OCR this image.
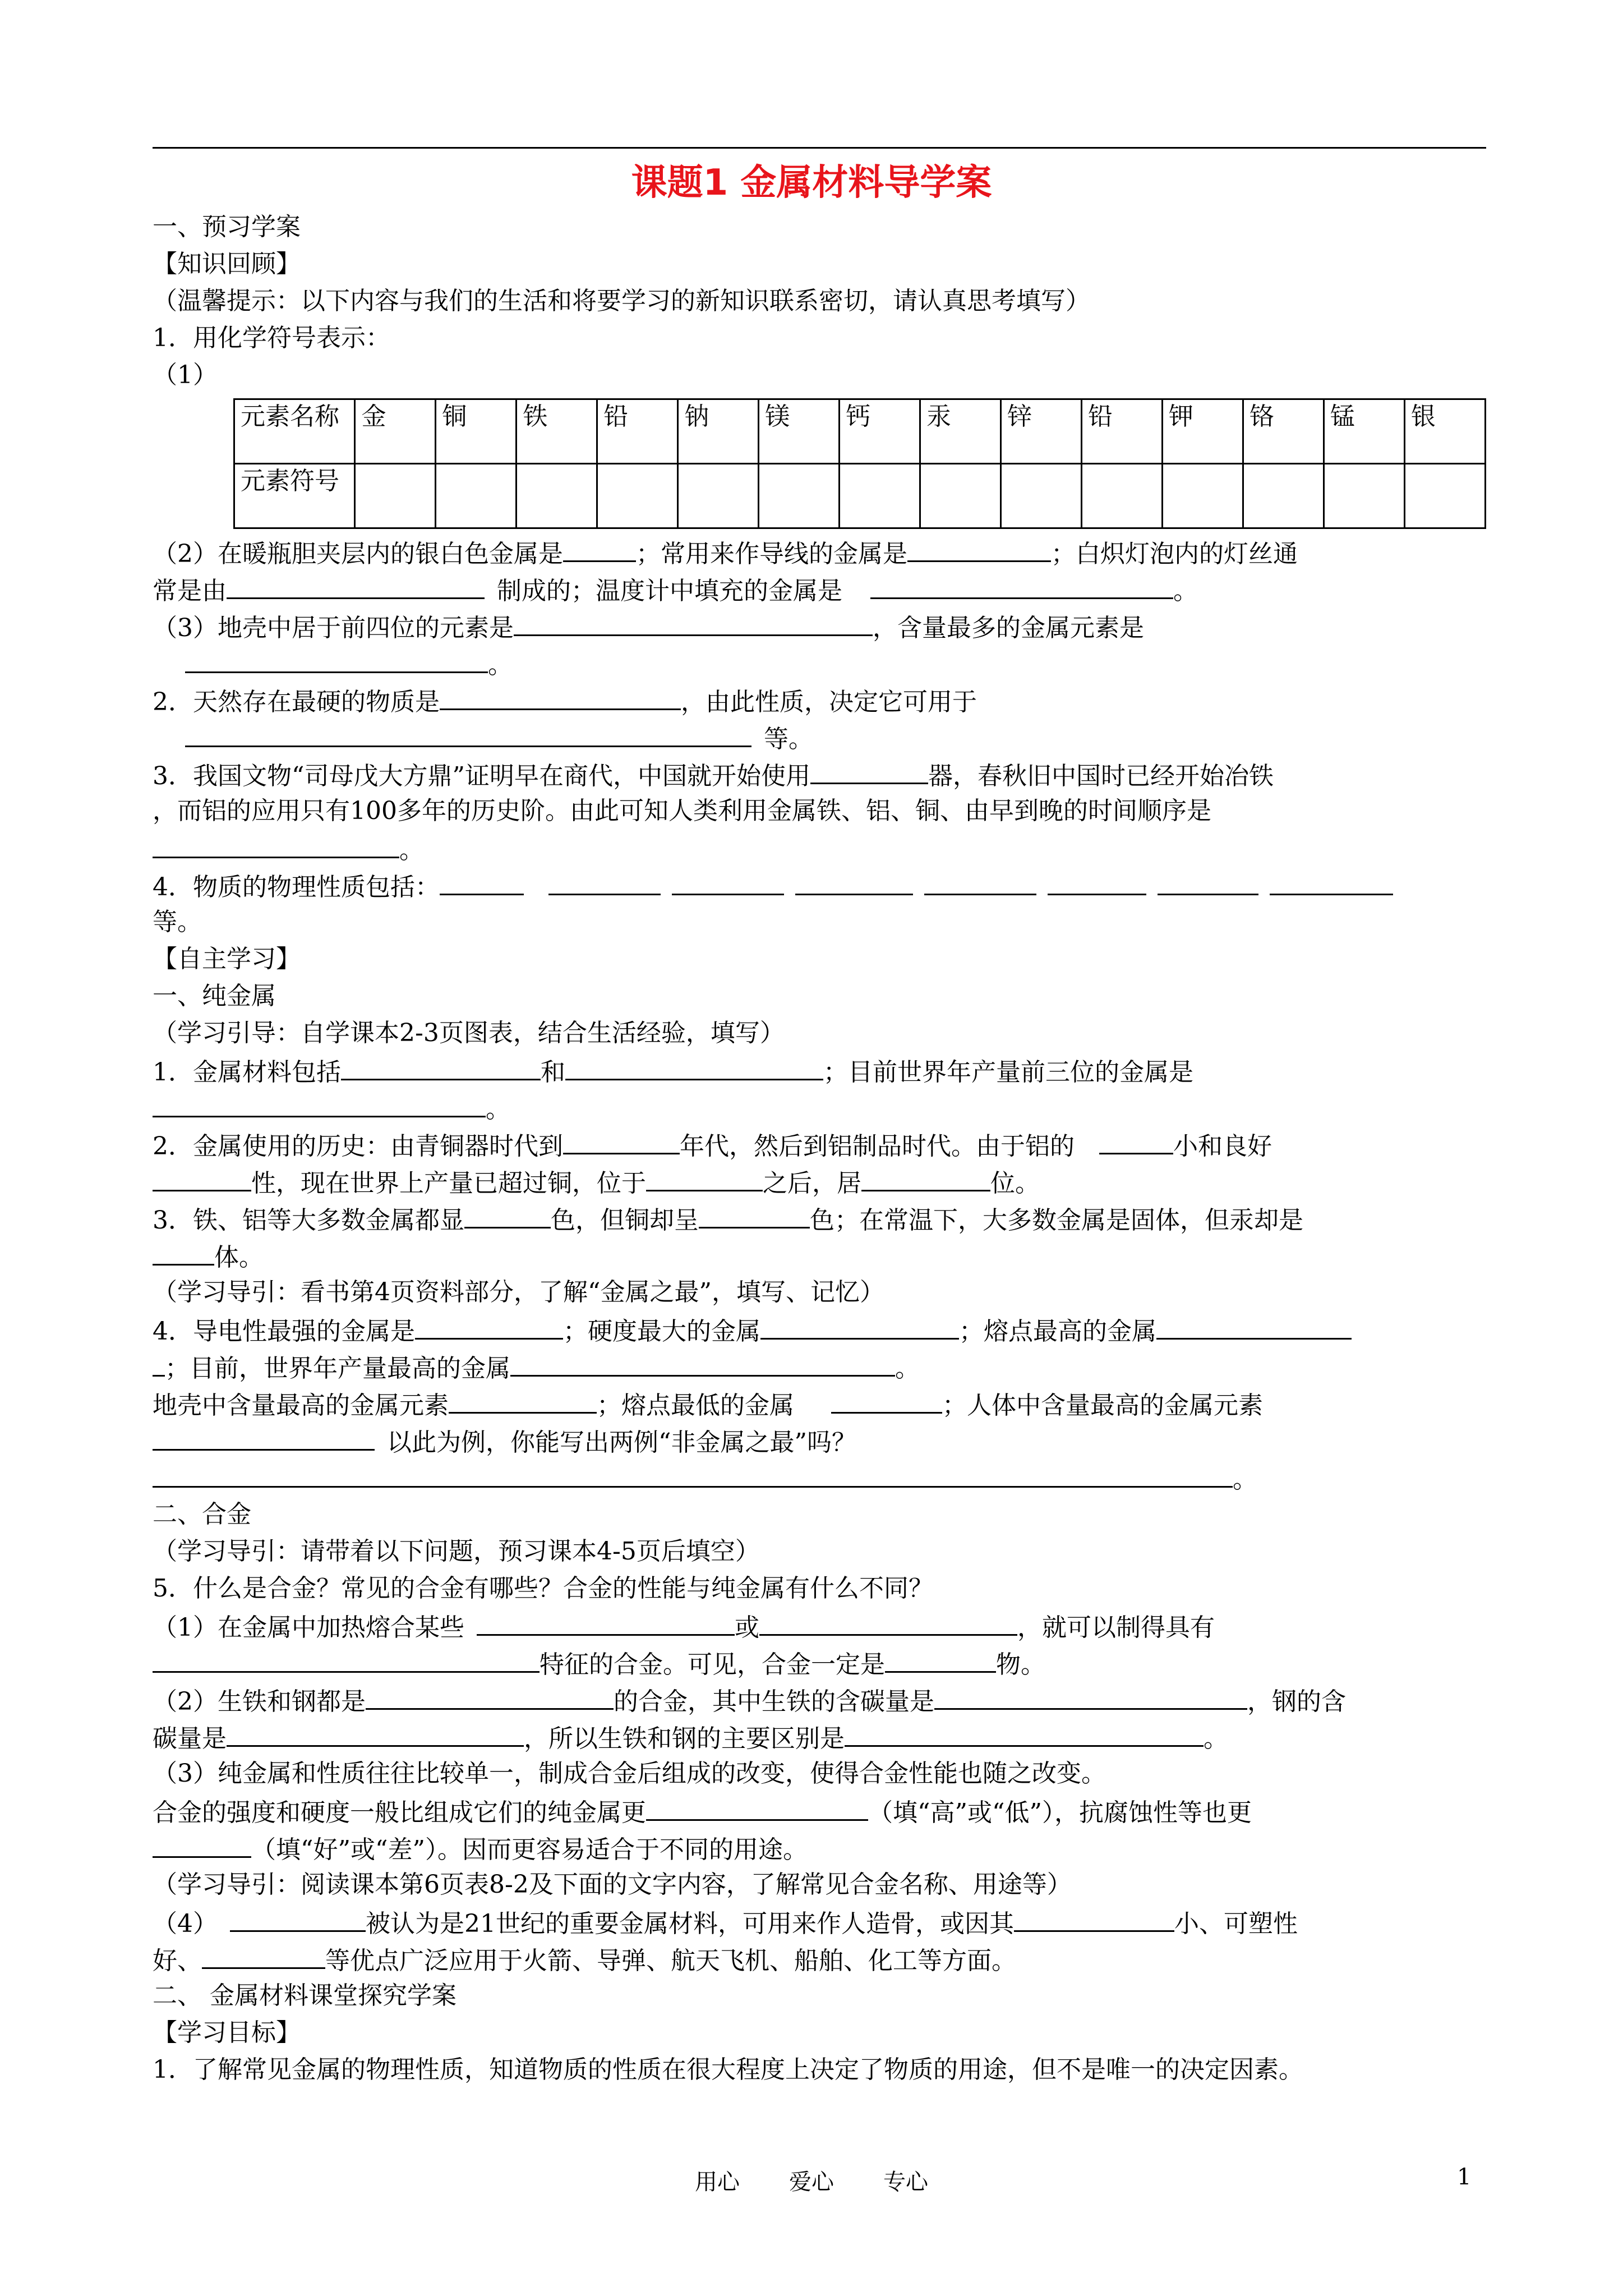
课题1 金属材料导学案
一、预习学案
【知识回顾】
（温馨提示：以下内容与我们的生活和将要学习的新知识联系密切，请认真思考填写）
1．用化学符号表示：
（1）
元素名称	金	铜	铁	铅	钠	镁	钙	汞	锌	铅	钾	铬	锰	银
元素符号														
（2）在暖瓶胆夹层内的银白色金属是	；常用来作导线的金属是	；白炽灯泡内的灯丝通
常是由	制成的；温度计中填充的金属是	。
（3）地壳中居于前四位的元素是	，含量最多的金属元素是
。
2．天然存在最硬的物质是	，由此性质，决定它可用于
等。
3．我国文物“司母戊大方鼎”证明早在商代，中国就开始使用	器，春秋旧中国时已经开始冶铁
，而铝的应用只有100多年的历史阶。由此可知人类利用金属铁、铝、铜、由早到晚的时间顺序是
。
4．物质的物理性质包括：
等。
【自主学习】
一、纯金属
（学习引导：自学课本2-3页图表，结合生活经验，填写）
1．金属材料包括	和	；目前世界年产量前三位的金属是
。
2．金属使用的历史：由青铜器时代到	年代，然后到铝制品时代。由于铝的	小和良好
性，现在世界上产量已超过铜，位于	之后，居	位。
3．铁、铝等大多数金属都显	色，但铜却呈	色；在常温下，大多数金属是固体，但汞却是
体。
（学习导引：看书第4页资料部分，了解“金属之最”，填写、记忆）
4．导电性最强的金属是	；硬度最大的金属	；熔点最高的金属
；目前，世界年产量最高的金属	。
地壳中含量最高的金属元素	；熔点最低的金属	；人体中含量最高的金属元素
以此为例，你能写出两例“非金属之最”吗？
。
二、合金
（学习导引：请带着以下问题，预习课本4-5页后填空）
5．什么是合金？常见的合金有哪些？合金的性能与纯金属有什么不同？
（1）在金属中加热熔合某些	或	，就可以制得具有
特征的合金。可见，合金一定是	物。
（2）生铁和钢都是	的合金，其中生铁的含碳量是	，钢的含
碳量是	，所以生铁和钢的主要区别是	。
（3）纯金属和性质往往比较单一，制成合金后组成的改变，使得合金性能也随之改变。
合金的强度和硬度一般比组成它们的纯金属更	（填“高”或“低”），抗腐蚀性等也更
（填“好”或“差”）。因而更容易适合于不同的用途。
（学习导引：阅读课本第6页表8-2及下面的文字内容，了解常见合金名称、用途等）
（4）	被认为是21世纪的重要金属材料，可用来作人造骨，或因其	小、可塑性
好、	等优点广泛应用于火箭、导弹、航天飞机、船舶、化工等方面。
二、 金属材料课堂探究学案
【学习目标】
1．了解常见金属的物理性质，知道物质的性质在很大程度上决定了物质的用途，但不是唯一的决定因素。
用心 爱心 专心	1
